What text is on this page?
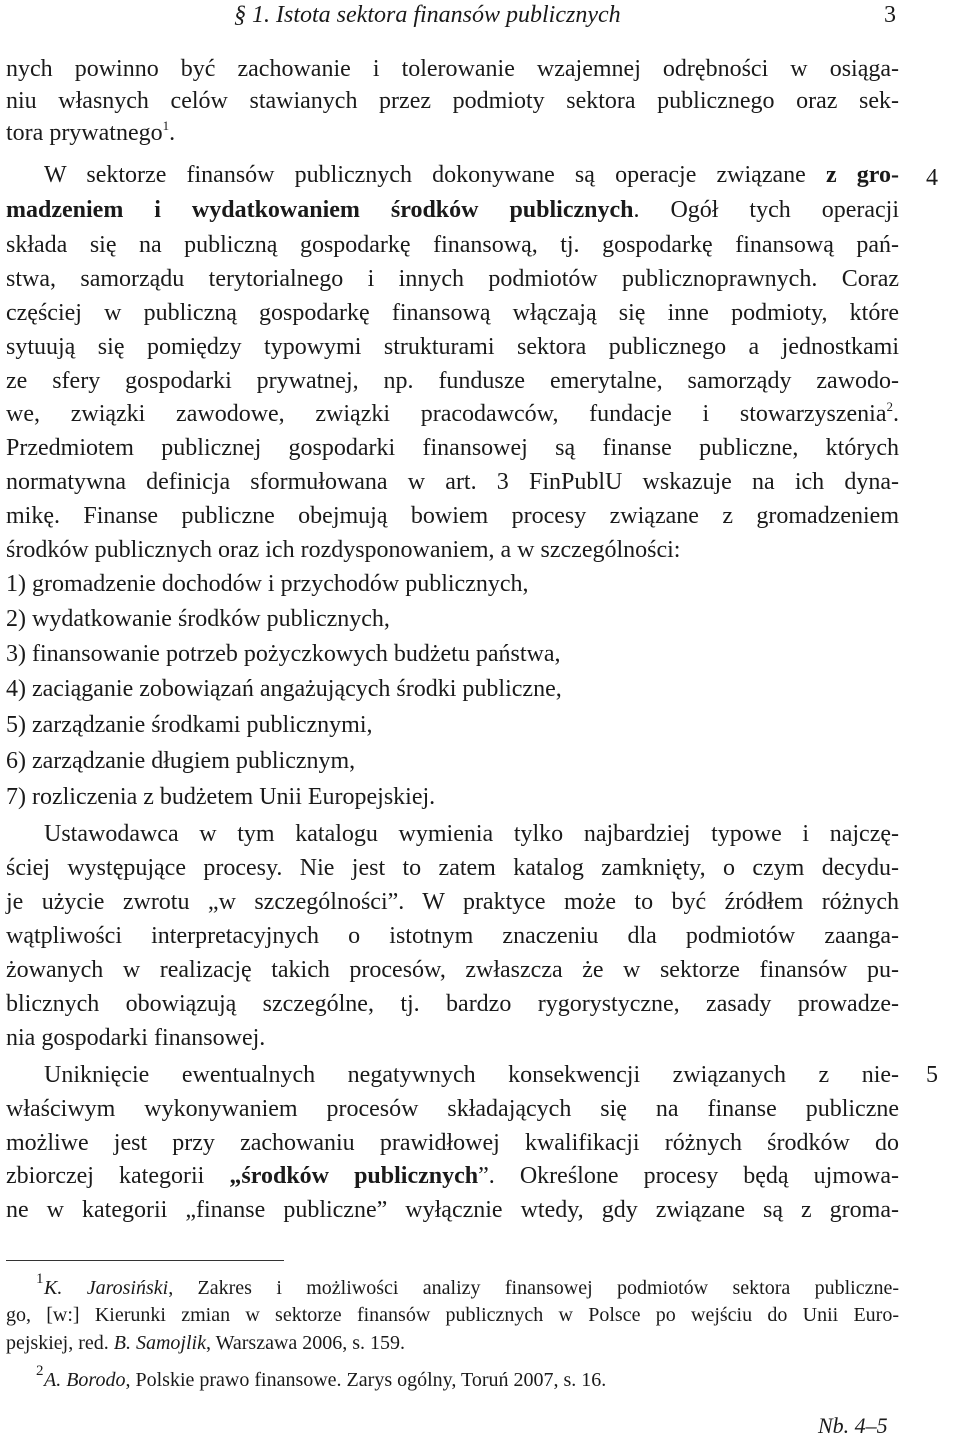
§ 1. Istota sektora finansów publicznych	3
4
5
nych powinno być zachowanie i tolerowanie wzajemnej odrębności w osiąga-
niu własnych celów stawianych przez podmioty sektora publicznego oraz sek-
tora prywatnego$^1$.
W sektorze finansów publicznych dokonywane są operacje związane z gro-
madzeniem i wydatkowaniem środków publicznych. Ogół tych operacji
składa się na publiczną gospodarkę finansową, tj. gospodarkę finansową pań-
stwa, samorządu terytorialnego i innych podmiotów publicznoprawnych. Coraz
częściej w publiczną gospodarkę finansową włączają się inne podmioty, które
sytuują się pomiędzy typowymi strukturami sektora publicznego a jednostkami
ze sfery gospodarki prywatnej, np. fundusze emerytalne, samorządy zawodo-
we, związki zawodowe, związki pracodawców, fundacje i stowarzyszenia$^2$.
Przedmiotem publicznej gospodarki finansowej są finanse publiczne, których
normatywna definicja sformułowana w art. 3 FinPublU wskazuje na ich dyna-
mikę. Finanse publiczne obejmują bowiem procesy związane z gromadzeniem
środków publicznych oraz ich rozdysponowaniem, a w szczególności:
1) gromadzenie dochodów i przychodów publicznych,
2) wydatkowanie środków publicznych,
3) finansowanie potrzeb pożyczkowych budżetu państwa,
4) zaciąganie zobowiązań angażujących środki publiczne,
5) zarządzanie środkami publicznymi,
6) zarządzanie długiem publicznym,
7) rozliczenia z budżetem Unii Europejskiej.
Ustawodawca w tym katalogu wymienia tylko najbardziej typowe i najczę-
ściej występujące procesy. Nie jest to zatem katalog zamknięty, o czym decydu-
je użycie zwrotu „w szczególności”. W praktyce może to być źródłem różnych
wątpliwości interpretacyjnych o istotnym znaczeniu dla podmiotów zaanga-
żowanych w realizację takich procesów, zwłaszcza że w sektorze finansów pu-
blicznych obowiązują szczególne, tj. bardzo rygorystyczne, zasady prowadze-
nia gospodarki finansowej.
Uniknięcie ewentualnych negatywnych konsekwencji związanych z nie-
właściwym wykonywaniem procesów składających się na finanse publiczne
możliwe jest przy zachowaniu prawidłowej kwalifikacji różnych środków do
zbiorczej kategorii „środków publicznych”. Określone procesy będą ujmowa-
ne w kategorii „finanse publiczne” wyłącznie wtedy, gdy związane są z groma-
1 K. Jarosiński, Zakres i możliwości analizy finansowej podmiotów sektora publiczne-
go, [w:] Kierunki zmian w sektorze finansów publicznych w Polsce po wejściu do Unii Euro-
pejskiej, red. B. Samojlik, Warszawa 2006, s. 159.
2 A. Borodo, Polskie prawo finansowe. Zarys ogólny, Toruń 2007, s. 16.
Nb. 4–5
